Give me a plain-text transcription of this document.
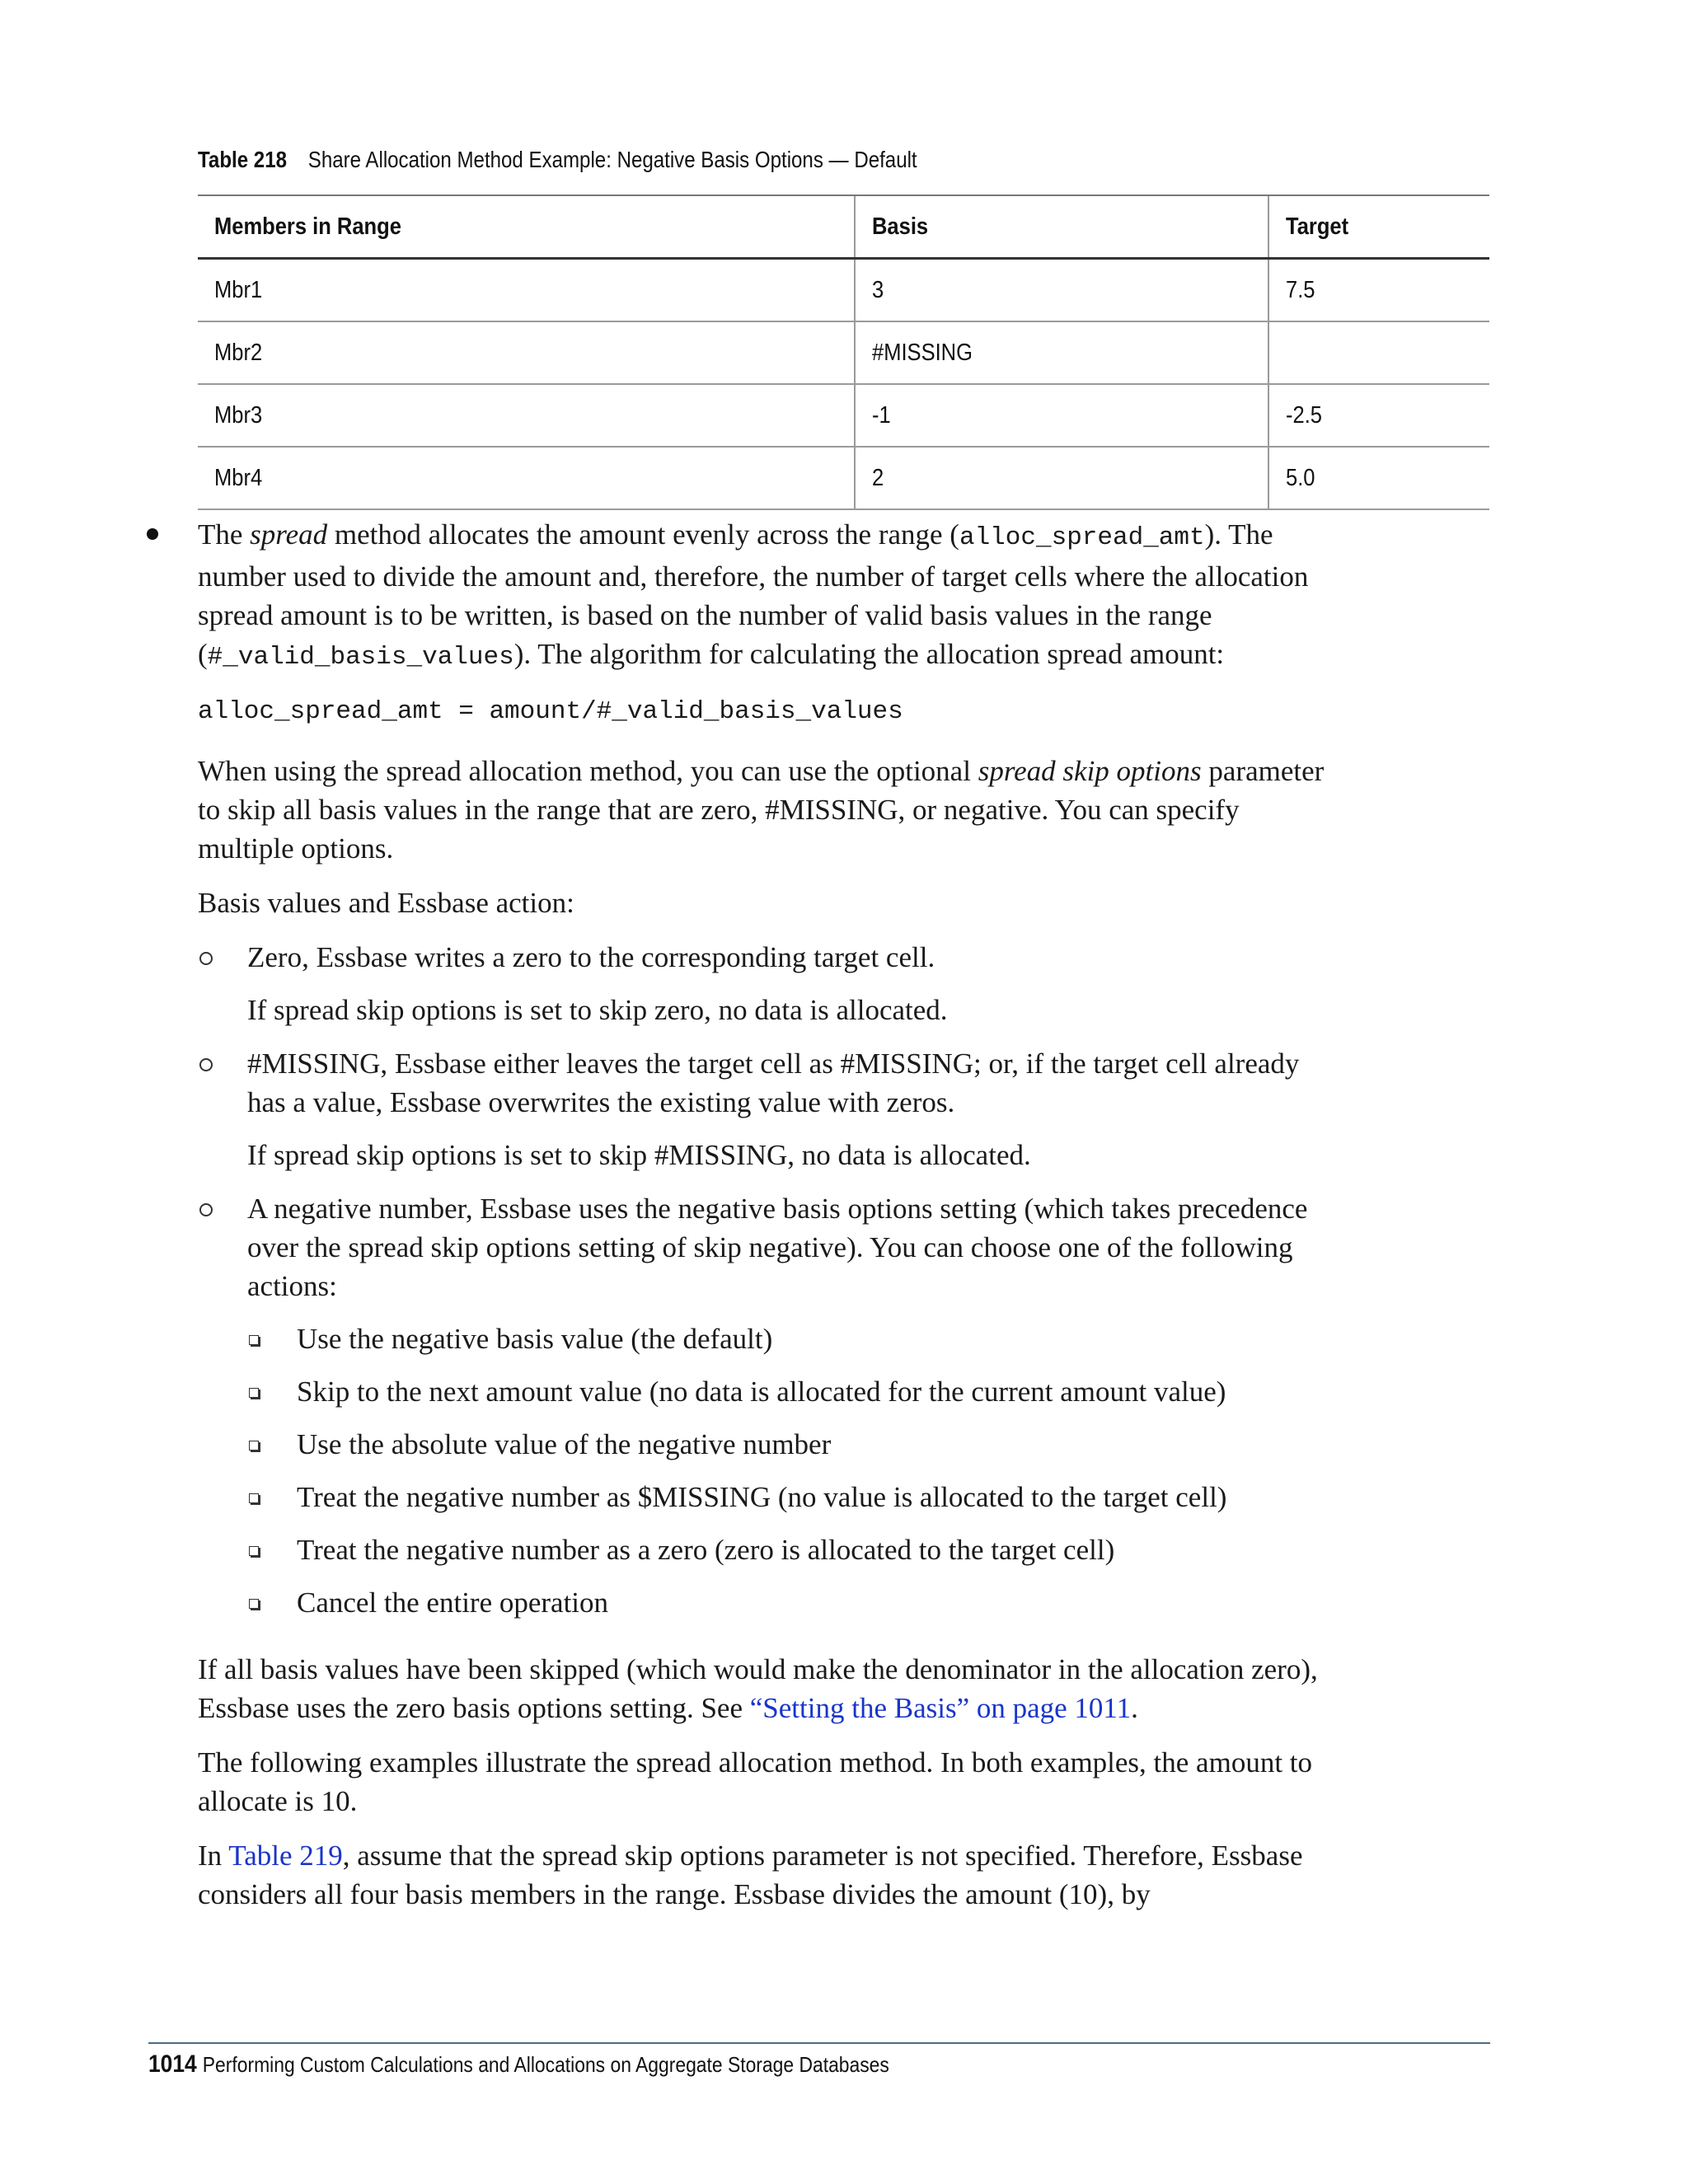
Table 218 Share Allocation Method Example: Negative Basis Options — Default
Members in Range	Basis	Target
Mbr1	3	7.5
Mbr2	#MISSING	
Mbr3	-1	-2.5
Mbr4	2	5.0

The spread method allocates the amount evenly across the range (alloc_spread_amt). The number used to divide the amount and, therefore, the number of target cells where the allocation spread amount is to be written, is based on the number of valid basis values in the range (#_valid_basis_values). The algorithm for calculating the allocation spread amount:

alloc_spread_amt = amount/#_valid_basis_values

When using the spread allocation method, you can use the optional spread skip options parameter to skip all basis values in the range that are zero, #MISSING, or negative. You can specify multiple options.

Basis values and Essbase action:

Zero, Essbase writes a zero to the corresponding target cell.

If spread skip options is set to skip zero, no data is allocated.

#MISSING, Essbase either leaves the target cell as #MISSING; or, if the target cell already has a value, Essbase overwrites the existing value with zeros.

If spread skip options is set to skip #MISSING, no data is allocated.

A negative number, Essbase uses the negative basis options setting (which takes precedence over the spread skip options setting of skip negative). You can choose one of the following actions:

Use the negative basis value (the default)
Skip to the next amount value (no data is allocated for the current amount value)
Use the absolute value of the negative number
Treat the negative number as $MISSING (no value is allocated to the target cell)
Treat the negative number as a zero (zero is allocated to the target cell)
Cancel the entire operation

If all basis values have been skipped (which would make the denominator in the allocation zero), Essbase uses the zero basis options setting. See “Setting the Basis” on page 1011.

The following examples illustrate the spread allocation method. In both examples, the amount to allocate is 10.

In Table 219, assume that the spread skip options parameter is not specified. Therefore, Essbase considers all four basis members in the range. Essbase divides the amount (10), by

1014 Performing Custom Calculations and Allocations on Aggregate Storage Databases
